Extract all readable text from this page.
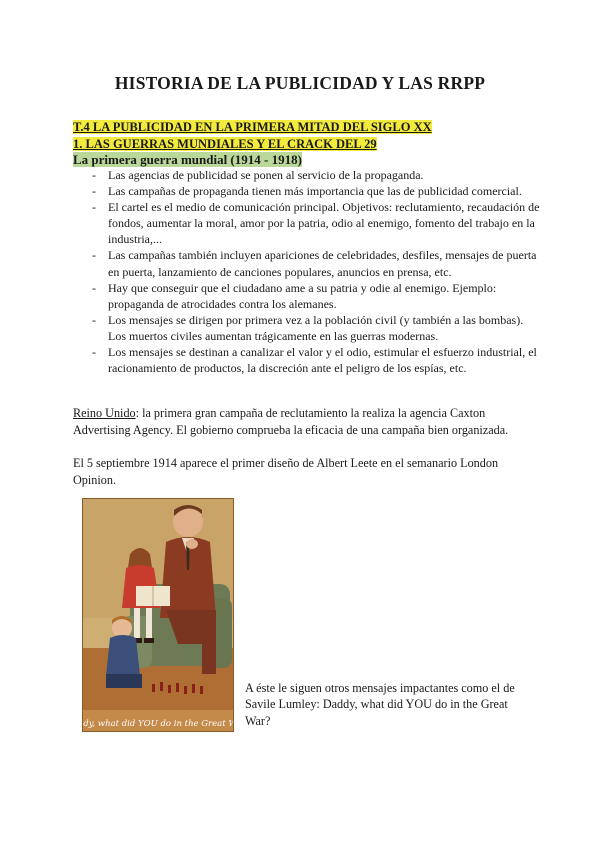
HISTORIA DE LA PUBLICIDAD Y LAS RRPP
T.4 LA PUBLICIDAD EN LA PRIMERA MITAD DEL SIGLO XX
1. LAS GUERRAS MUNDIALES Y EL CRACK DEL 29
La primera guerra mundial (1914 - 1918)
- Las agencias de publicidad se ponen al servicio de la propaganda.
- Las campañas de propaganda tienen más importancia que las de publicidad comercial.
- El cartel es el medio de comunicación principal. Objetivos: reclutamiento, recaudación de fondos, aumentar la moral, amor por la patria, odio al enemigo, fomento del trabajo en la industria,...
- Las campañas también incluyen apariciones de celebridades, desfiles, mensajes de puerta en puerta, lanzamiento de canciones populares, anuncios en prensa, etc.
- Hay que conseguir que el ciudadano ame a su patria y odie al enemigo. Ejemplo: propaganda de atrocidades contra los alemanes.
- Los mensajes se dirigen por primera vez a la población civil (y también a las bombas). Los muertos civiles aumentan trágicamente en las guerras modernas.
- Los mensajes se destinan a canalizar el valor y el odio, estimular el esfuerzo industrial, el racionamiento de productos, la discreción ante el peligro de los espías, etc.
Reino Unido: la primera gran campaña de reclutamiento la realiza la agencia Caxton Advertising Agency. El gobierno comprueba la eficacia de una campaña bien organizada.
El 5 septiembre 1914 aparece el primer diseño de Albert Leete en el semanario London Opinion.
Daddy, what did YOU do in the Great War?
A éste le siguen otros mensajes impactantes como el de Savile Lumley: Daddy, what did YOU do in the Great War?
